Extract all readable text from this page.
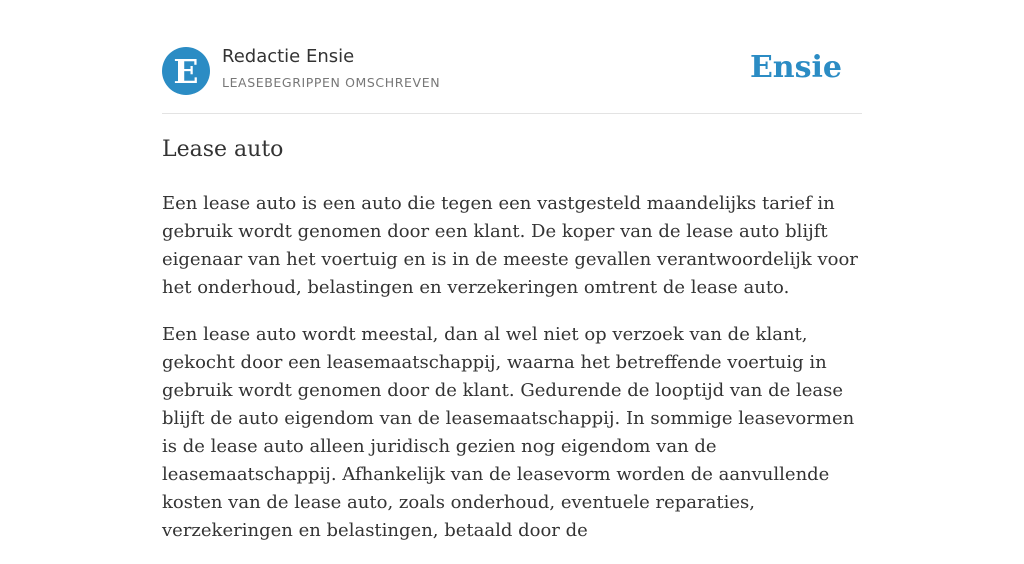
E Redactie Ensie
LEASEBEGRIPPEN OMSCHREVEN	Ensie
Lease auto

Een lease auto is een auto die tegen een vastgesteld maandelijks tarief in gebruik wordt genomen door een klant. De koper van de lease auto blijft eigenaar van het voertuig en is in de meeste gevallen verantwoordelijk voor het onderhoud, belastingen en verzekeringen omtrent de lease auto.

Een lease auto wordt meestal, dan al wel niet op verzoek van de klant, gekocht door een leasemaatschappij, waarna het betreffende voertuig in gebruik wordt genomen door de klant. Gedurende de looptijd van de lease blijft de auto eigendom van de leasemaatschappij. In sommige leasevormen is de lease auto alleen juridisch gezien nog eigendom van de leasemaatschappij. Afhankelijk van de leasevorm worden de aanvullende kosten van de lease auto, zoals onderhoud, eventuele reparaties, verzekeringen en belastingen, betaald door de
